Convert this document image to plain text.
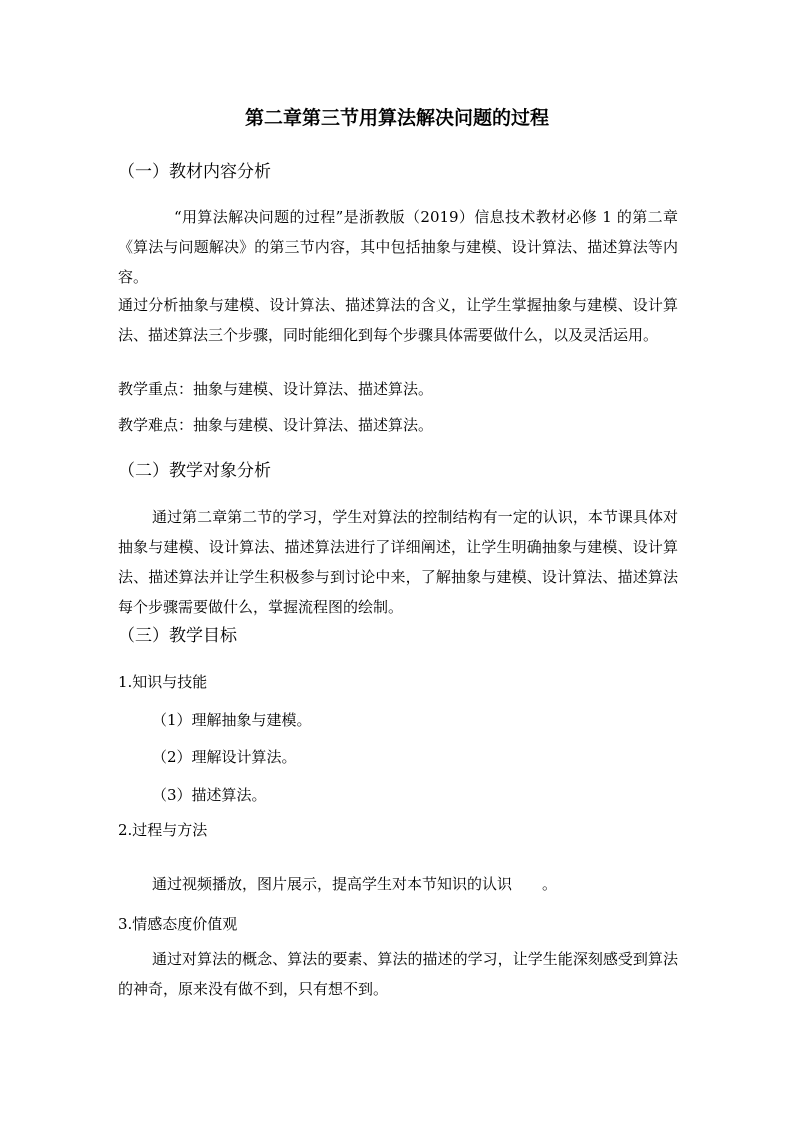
第二章第三节用算法解决问题的过程
（一）教材内容分析

“用算法解决问题的过程”是浙教版（2019）信息技术教材必修 1 的第二章《算法与问题解决》的第三节内容，其中包括抽象与建模、设计算法、描述算法等内容。

通过分析抽象与建模、设计算法、描述算法的含义，让学生掌握抽象与建模、设计算法、描述算法三个步骤，同时能细化到每个步骤具体需要做什么，以及灵活运用。

教学重点：抽象与建模、设计算法、描述算法。
教学难点：抽象与建模、设计算法、描述算法。
（二）教学对象分析

通过第二章第二节的学习，学生对算法的控制结构有一定的认识，本节课具体对抽象与建模、设计算法、描述算法进行了详细阐述，让学生明确抽象与建模、设计算法、描述算法并让学生积极参与到讨论中来，了解抽象与建模、设计算法、描述算法每个步骤需要做什么，掌握流程图的绘制。

（三）教学目标
1.知识与技能
（1）理解抽象与建模。
（2）理解设计算法。
（3）描述算法。
2.过程与方法
通过视频播放，图片展示，提高学生对本节知识的认识　　。
3.情感态度价值观

通过对算法的概念、算法的要素、算法的描述的学习，让学生能深刻感受到算法的神奇，原来没有做不到，只有想不到。
